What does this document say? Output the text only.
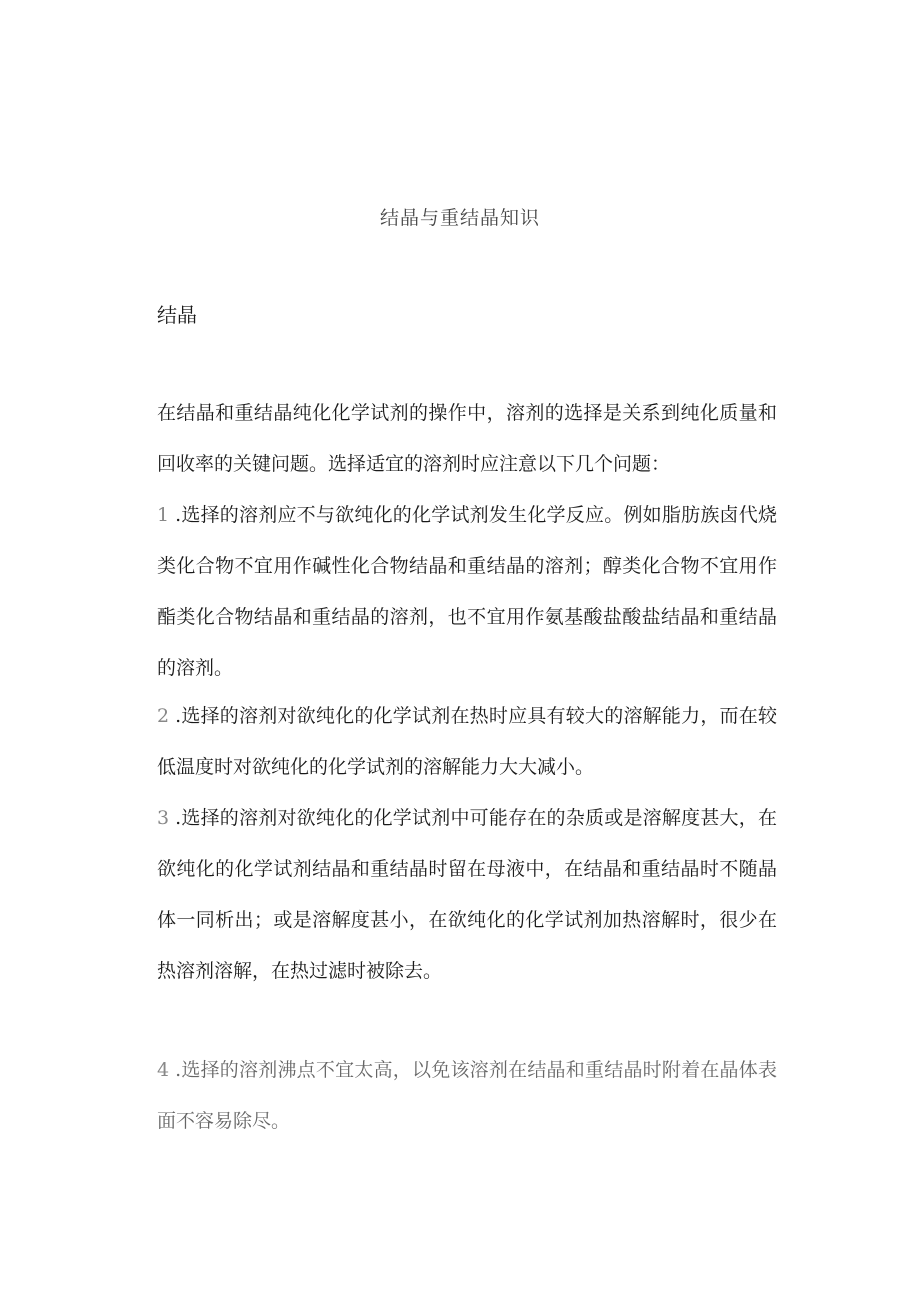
结晶与重结晶知识
结晶

在结晶和重结晶纯化化学试剂的操作中，溶剂的选择是关系到纯化质量和回收率的关键问题。选择适宜的溶剂时应注意以下几个问题：

1 .选择的溶剂应不与欲纯化的化学试剂发生化学反应。例如脂肪族卤代烧类化合物不宜用作碱性化合物结晶和重结晶的溶剂；醇类化合物不宜用作酯类化合物结晶和重结晶的溶剂，也不宜用作氨基酸盐酸盐结晶和重结晶的溶剂。

2 .选择的溶剂对欲纯化的化学试剂在热时应具有较大的溶解能力，而在较低温度时对欲纯化的化学试剂的溶解能力大大减小。

3 .选择的溶剂对欲纯化的化学试剂中可能存在的杂质或是溶解度甚大，在欲纯化的化学试剂结晶和重结晶时留在母液中，在结晶和重结晶时不随晶体一同析出；或是溶解度甚小，在欲纯化的化学试剂加热溶解时，很少在热溶剂溶解，在热过滤时被除去。

4 .选择的溶剂沸点不宜太高，以免该溶剂在结晶和重结晶时附着在晶体表面不容易除尽。
